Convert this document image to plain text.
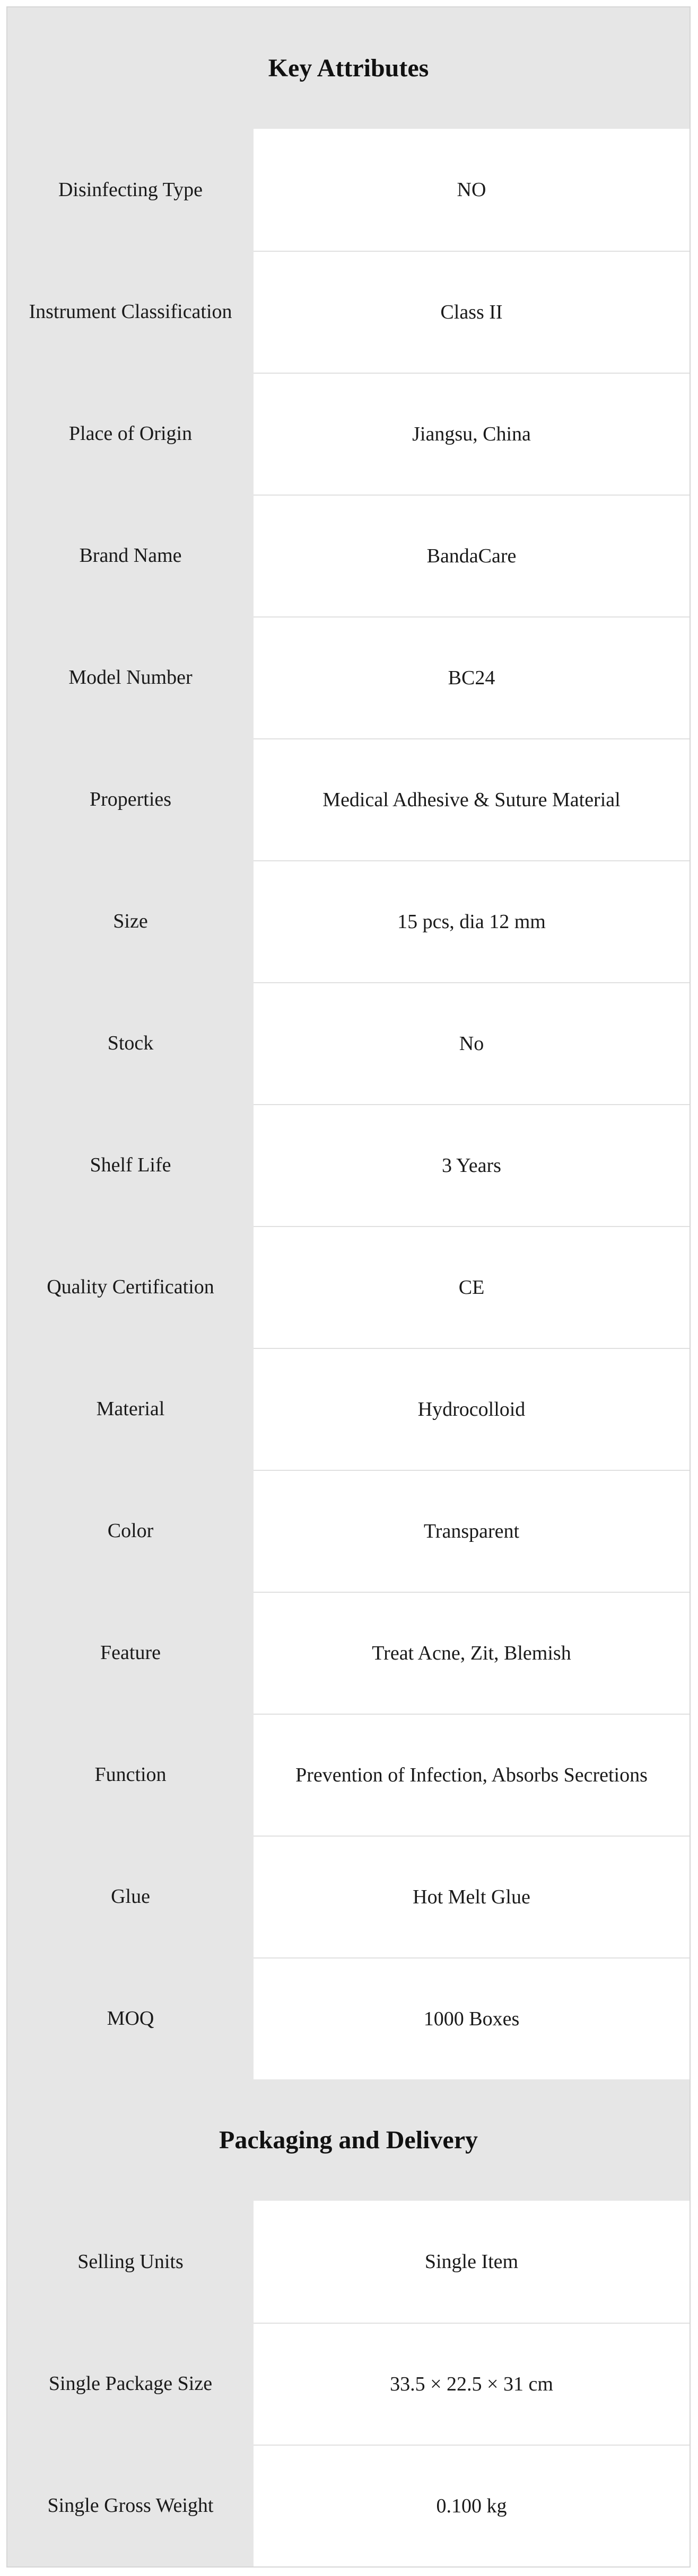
Key Attributes
Disinfecting Type	NO
Instrument Classification	Class II
Place of Origin	Jiangsu, China
Brand Name	BandaCare
Model Number	BC24
Properties	Medical Adhesive & Suture Material
Size	15 pcs, dia 12 mm
Stock	No
Shelf Life	3 Years
Quality Certification	CE
Material	Hydrocolloid
Color	Transparent
Feature	Treat Acne, Zit, Blemish
Function	Prevention of Infection, Absorbs Secretions
Glue	Hot Melt Glue
MOQ	1000 Boxes
Packaging and Delivery
Selling Units	Single Item
Single Package Size	33.5 × 22.5 × 31 cm
Single Gross Weight	0.100 kg
